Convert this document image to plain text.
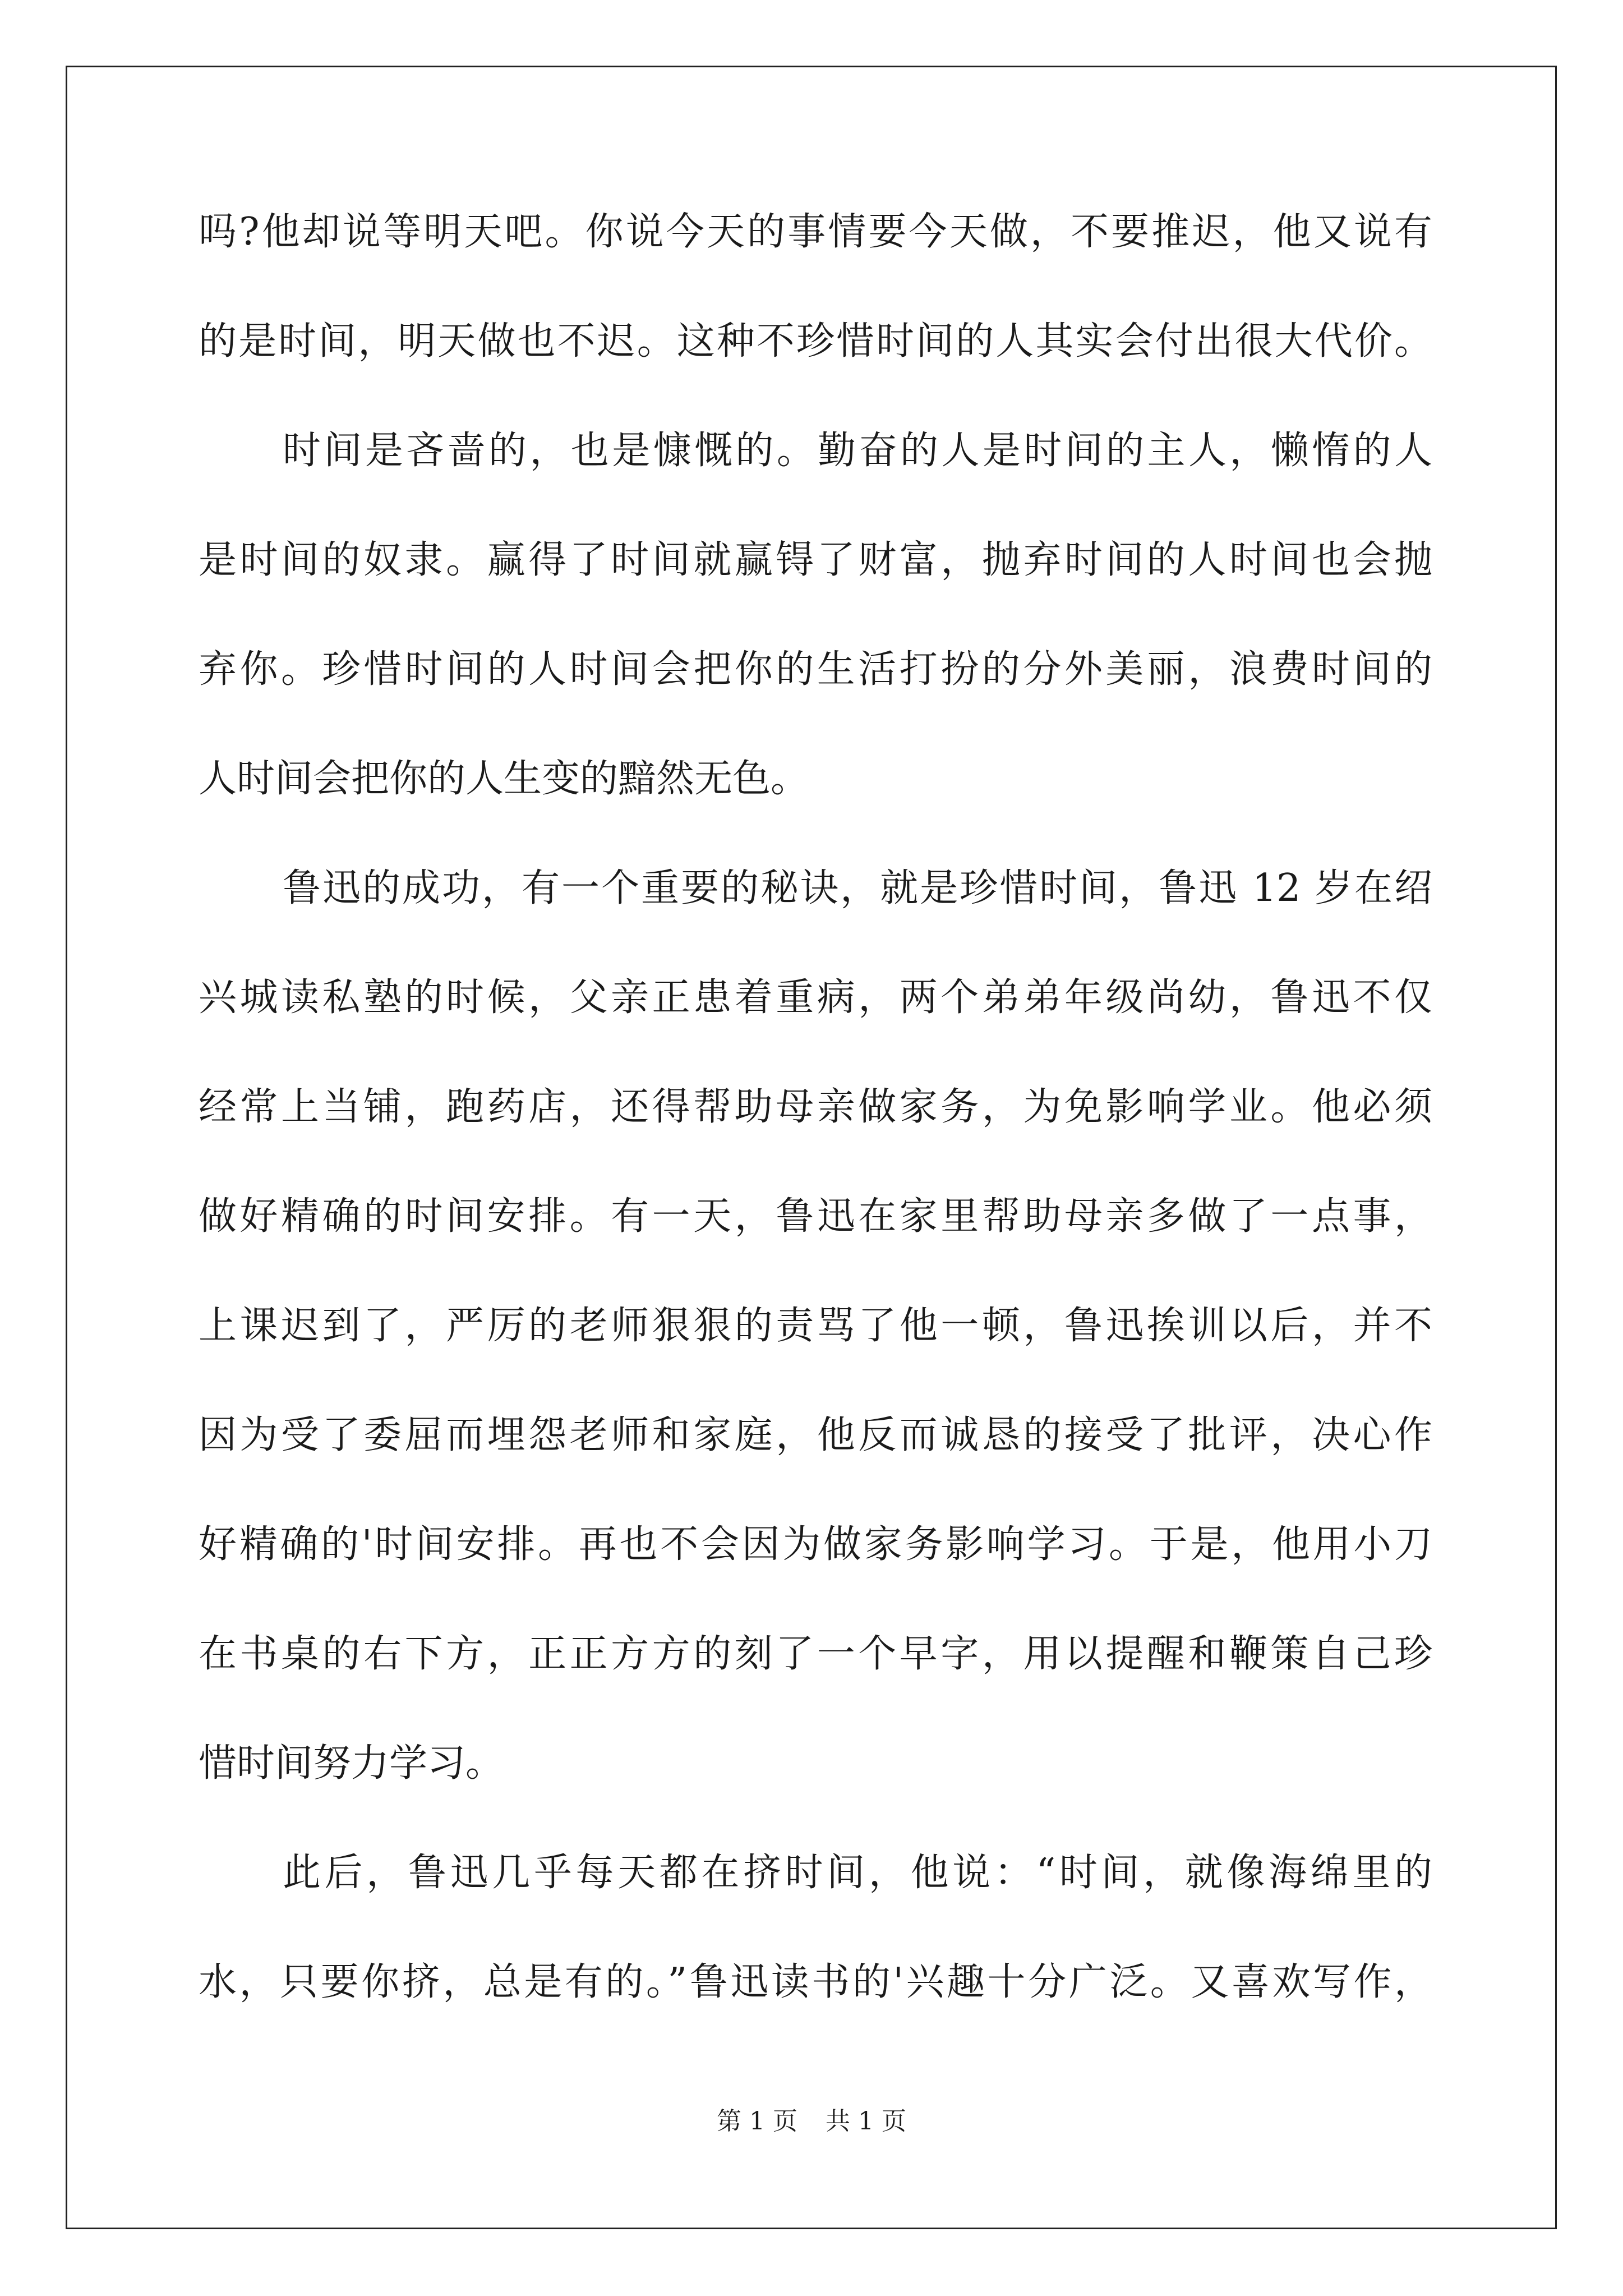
吗?他却说等明天吧。你说今天的事情要今天做，不要推迟，他又说有
的是时间，明天做也不迟。这种不珍惜时间的人其实会付出很大代价。
时间是吝啬的，也是慷慨的。勤奋的人是时间的主人，懒惰的人
是时间的奴隶。赢得了时间就赢锝了财富，抛弃时间的人时间也会抛
弃你。珍惜时间的人时间会把你的生活打扮的分外美丽，浪费时间的
人时间会把你的人生变的黯然无色。
鲁迅的成功，有一个重要的秘诀，就是珍惜时间，鲁迅 12 岁在绍
兴城读私塾的时候，父亲正患着重病，两个弟弟年级尚幼，鲁迅不仅
经常上当铺，跑药店，还得帮助母亲做家务，为免影响学业。他必须
做好精确的时间安排。有一天，鲁迅在家里帮助母亲多做了一点事，
上课迟到了，严厉的老师狠狠的责骂了他一顿，鲁迅挨训以后，并不
因为受了委屈而埋怨老师和家庭，他反而诚恳的接受了批评，决心作
好精确的'时间安排。再也不会因为做家务影响学习。于是，他用小刀
在书桌的右下方，正正方方的刻了一个早字，用以提醒和鞭策自己珍
惜时间努力学习。
此后，鲁迅几乎每天都在挤时间，他说：“时间，就像海绵里的
水，只要你挤，总是有的。”鲁迅读书的'兴趣十分广泛。又喜欢写作，
第 1 页 共 1 页
